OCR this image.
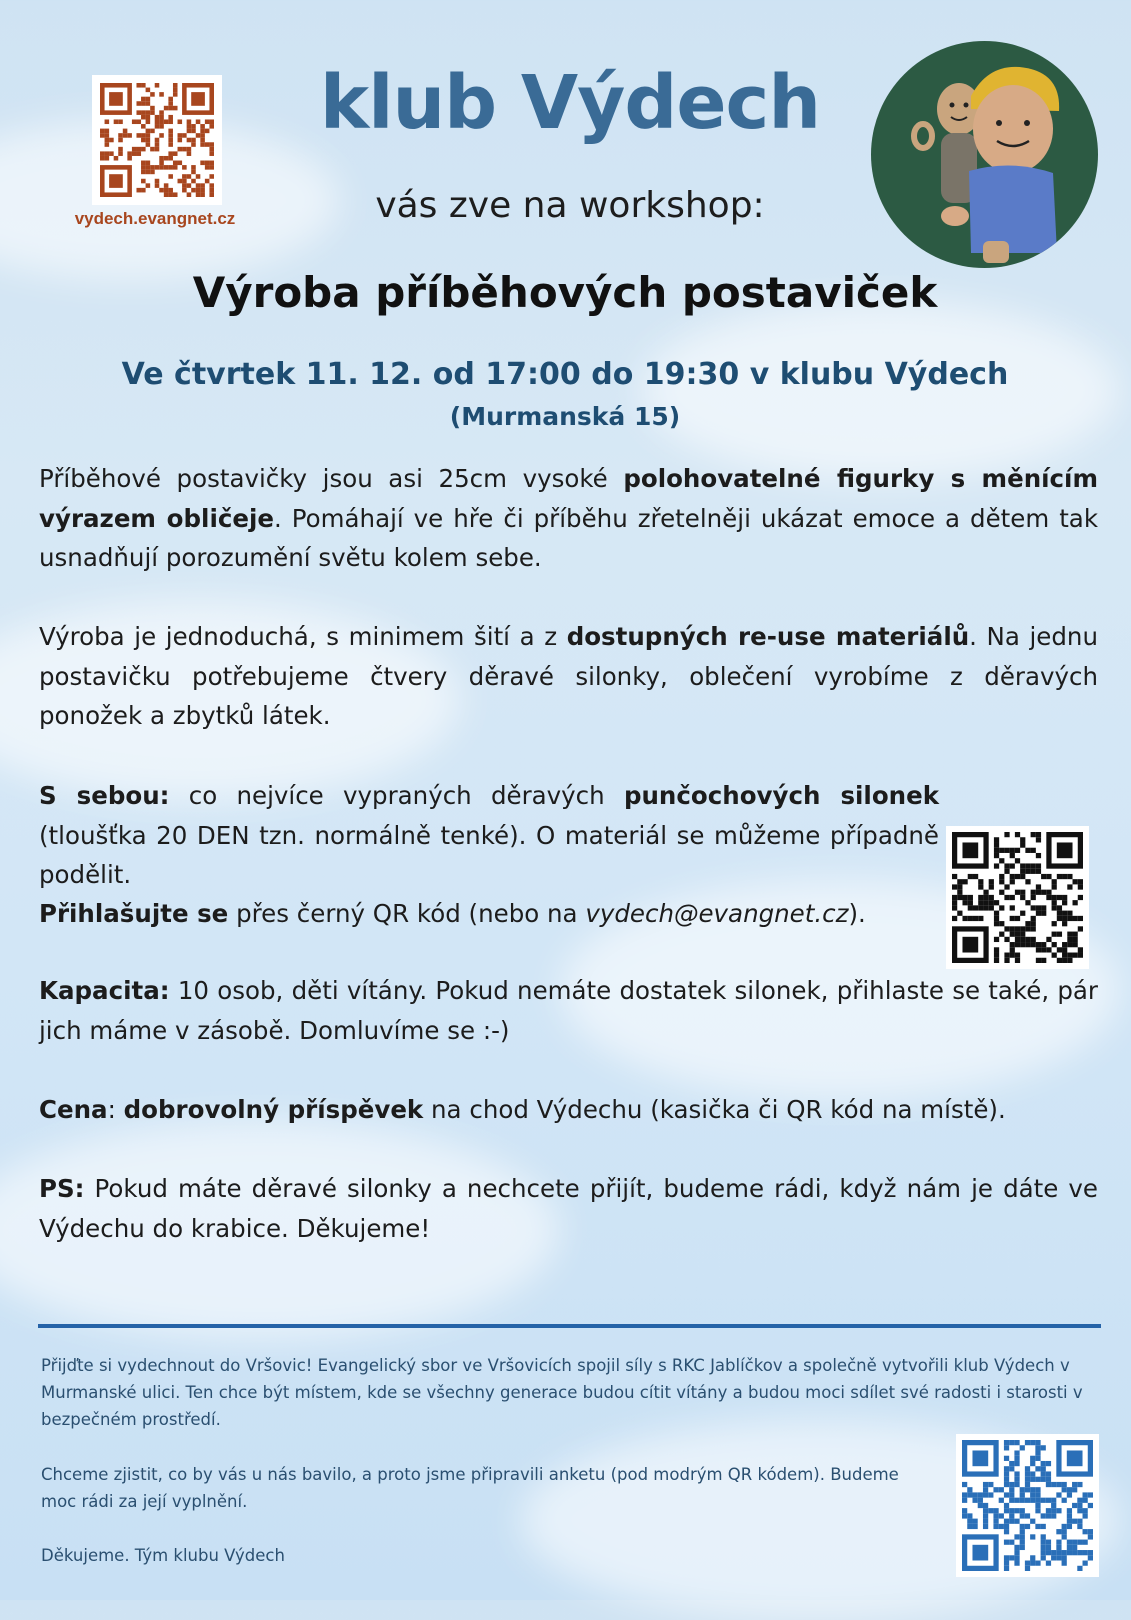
vydech.evangnet.cz
klub Výdech
vás zve na workshop:
Výroba příběhových postaviček
Ve čtvrtek 11. 12. od 17:00 do 19:30 v klubu Výdech
(Murmanská 15)
Příběhové postavičky jsou asi 25cm vysoké polohovatelné figurky s měnícím výrazem obličeje. Pomáhají ve hře či příběhu zřetelněji ukázat emoce a dětem tak usnadňují porozumění světu kolem sebe.
Výroba je jednoduchá, s minimem šití a z dostupných re-use materiálů. Na jednu postavičku potřebujeme čtvery děravé silonky, oblečení vyrobíme z děravých ponožek a zbytků látek.
S sebou: co nejvíce vypraných děravých punčochových silonek (tloušťka 20 DEN tzn. normálně tenké). O materiál se můžeme případně podělit.
Přihlašujte se přes černý QR kód (nebo na vydech@evangnet.cz).
Kapacita: 10 osob, děti vítány. Pokud nemáte dostatek silonek, přihlaste se také, pár jich máme v zásobě. Domluvíme se :-)
Cena: dobrovolný příspěvek na chod Výdechu (kasička či QR kód na místě).
PS: Pokud máte děravé silonky a nechcete přijít, budeme rádi, když nám je dáte ve Výdechu do krabice. Děkujeme!
Přijďte si vydechnout do Vršovic! Evangelický sbor ve Vršovicích spojil síly s RKC Jablíčkov a společně vytvořili klub Výdech v Murmanské ulici. Ten chce být místem, kde se všechny generace budou cítit vítány a budou moci sdílet své radosti i starosti v bezpečném prostředí.
Chceme zjistit, co by vás u nás bavilo, a proto jsme připravili anketu (pod modrým QR kódem). Budeme moc rádi za její vyplnění.
Děkujeme. Tým klubu Výdech
